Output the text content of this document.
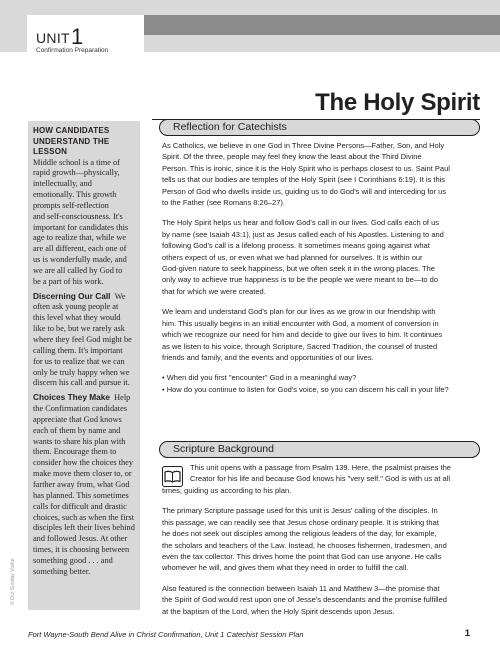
UNIT 1
Confirmation Preparation
The Holy Spirit
© Our Sunday Visitor
HOW CANDIDATES
UNDERSTAND THE
LESSON

Middle school is a time of

rapid growth—physically,

intellectually, and

emotionally. This growth

prompts self-reflection

and self-consciousness. It's

important for candidates this

age to realize that, while we

are all different, each one of

us is wonderfully made, and

we are all called by God to

be a part of his work.

Discerning Our Call We

often ask young people at

this level what they would

like to be, but we rarely ask

where they feel God might be

calling them. It's important

for us to realize that we can

only be truly happy when we

discern his call and pursue it.

Choices They Make Help

the Confirmation candidates

appreciate that God knows

each of them by name and

wants to share his plan with

them. Encourage them to

consider how the choices they

make move them closer to, or

farther away from, what God

has planned. This sometimes

calls for difficult and drastic

choices, such as when the first

disciples left their lives behind

and followed Jesus. At other

times, it is choosing between

something good . . . and

something better.

Reflection for Catechists

As Catholics, we believe in one God in Three Divine Persons—Father, Son, and Holy
Spirit. Of the three, people may feel they know the least about the Third Divine
Person. This is ironic, since it is the Holy Spirit who is perhaps closest to us. Saint Paul
tells us that our bodies are temples of the Holy Spirit (see I Corinthians 6:19). It is this
Person of God who dwells inside us, guiding us to do God's will and interceding for us
to the Father (see Romans 8:26–27).

The Holy Spirit helps us hear and follow God's call in our lives. God calls each of us
by name (see Isaiah 43:1), just as Jesus called each of his Apostles. Listening to and
following God's call is a lifelong process. It sometimes means going against what
others expect of us, or even what we had planned for ourselves. It is within our
God-given nature to seek happiness, but we often seek it in the wrong places. The
only way to achieve true happiness is to be the people we were meant to be—to do
that for which we were created.

We learn and understand God's plan for our lives as we grow in our friendship with
him. This usually begins in an initial encounter with God, a moment of conversion in
which we recognize our need for him and decide to give our lives to him. It continues
as we listen to his voice, through Scripture, Sacred Tradition, the counsel of trusted
friends and family, and the events and opportunities of our lives.

• When did you first "encounter" God in a meaningful way?

• How do you continue to listen for God's voice, so you can discern his call in your life?

Scripture Background

This unit opens with a passage from Psalm 139. Here, the psalmist praises the
Creator for his life and because God knows his "very self." God is with us at all

times, guiding us according to his plan.

The primary Scripture passage used for this unit is Jesus' calling of the disciples. In
this passage, we can readily see that Jesus chose ordinary people. It is striking that
he does not seek out disciples among the religious leaders of the day, for example,
the scholars and teachers of the Law. Instead, he chooses fishermen, tradesmen, and
even the tax collector. This drives home the point that God can use anyone. He calls
whomever he will, and gives them what they need in order to fulfill the call.

Also featured is the connection between Isaiah 11 and Matthew 3—the promise that
the Spirit of God would rest upon one of Jesse's descendants and the promise fulfilled
at the baptism of the Lord, when the Holy Spirit descends upon Jesus.

Fort Wayne-South Bend Alive in Christ Confirmation, Unit 1 Catechist Session Plan	1
